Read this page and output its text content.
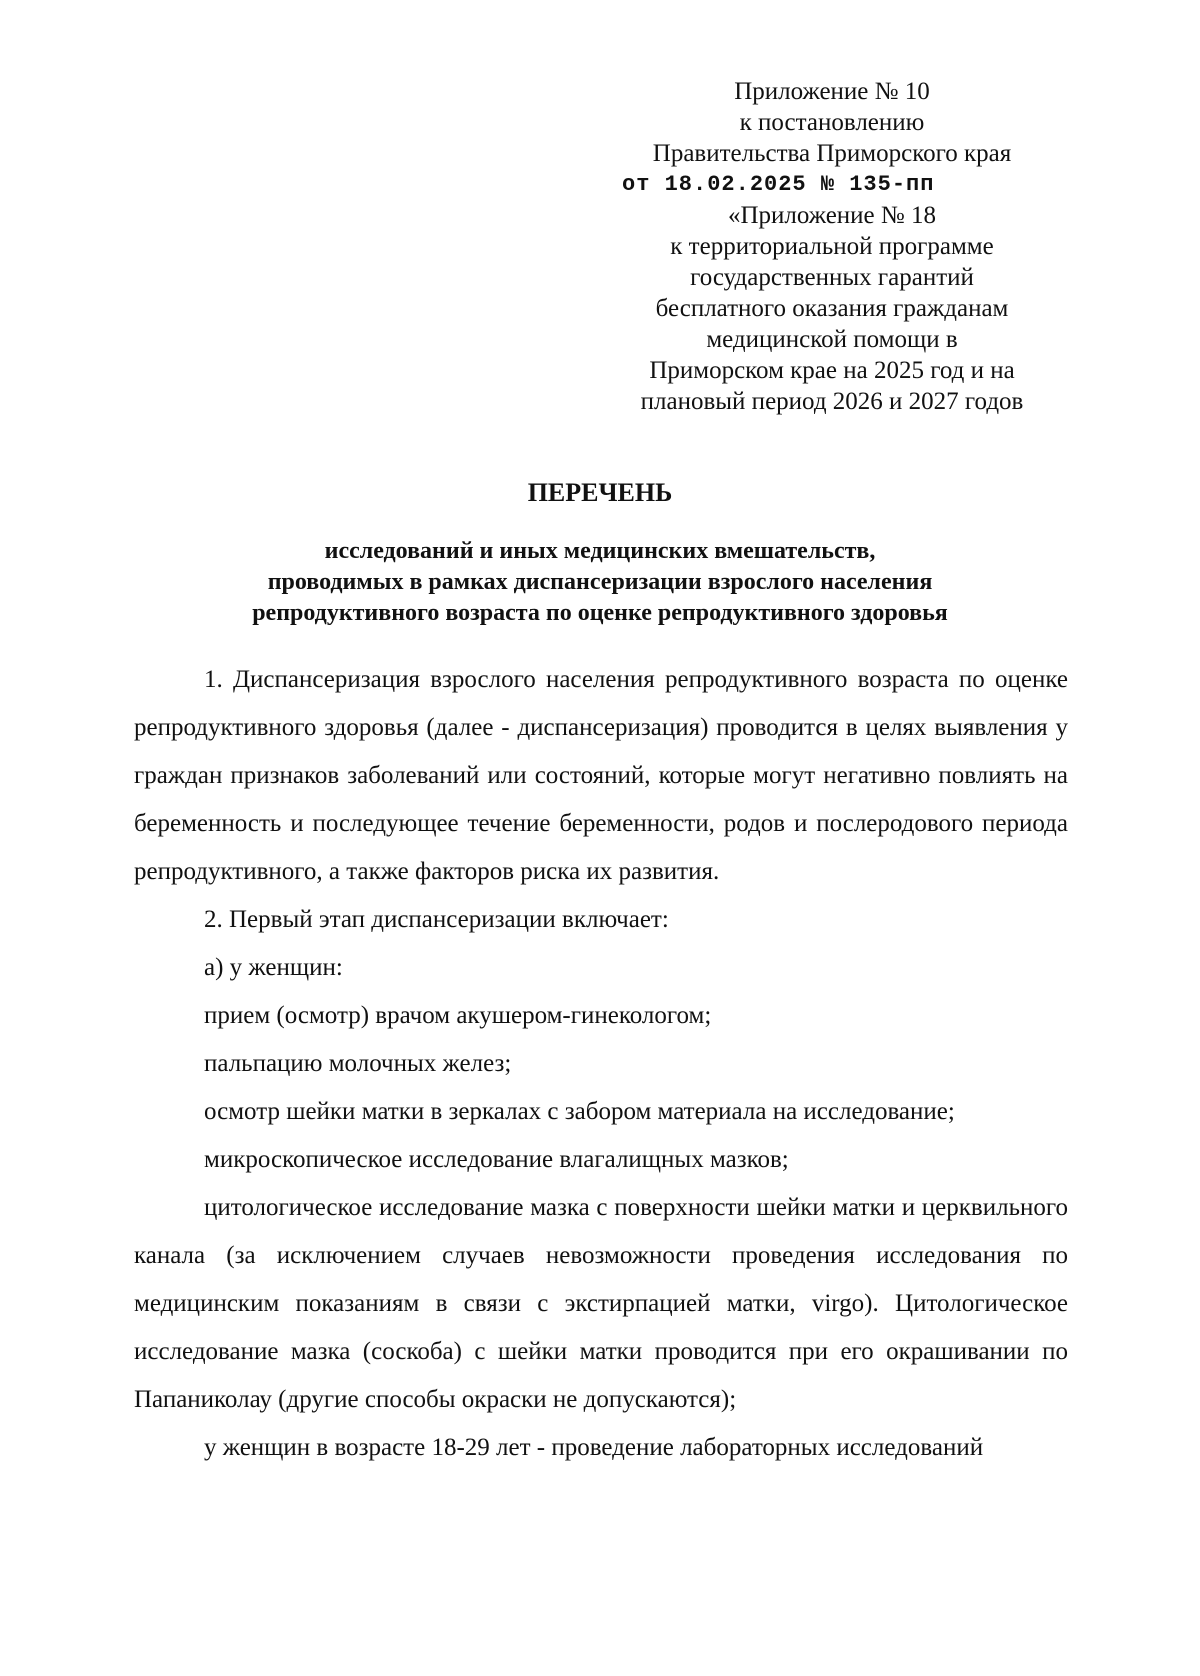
Приложение № 10
к постановлению
Правительства Приморского края
от 18.02.2025 № 135-пп
«Приложение № 18
к территориальной программе
государственных гарантий
бесплатного оказания гражданам
медицинской помощи в
Приморском крае на 2025 год и на
плановый период 2026 и 2027 годов
ПЕРЕЧЕНЬ
исследований и иных медицинских вмешательств,
проводимых в рамках диспансеризации взрослого населения
репродуктивного возраста по оценке репродуктивного здоровья

1. Диспансеризация взрослого населения репродуктивного возраста по оценке репродуктивного здоровья (далее - диспансеризация) проводится в целях выявления у граждан признаков заболеваний или состояний, которые могут негативно повлиять на беременность и последующее течение беременности, родов и послеродового периода репродуктивного, а также факторов риска их развития.

2. Первый этап диспансеризации включает:
а) у женщин:
прием (осмотр) врачом акушером-гинекологом;
пальпацию молочных желез;
осмотр шейки матки в зеркалах с забором материала на исследование;
микроскопическое исследование влагалищных мазков;

цитологическое исследование мазка с поверхности шейки матки и церквильного канала (за исключением случаев невозможности проведения исследования по медицинским показаниям в связи с экстирпацией матки, virgo). Цитологическое исследование мазка (соскоба) с шейки матки проводится при его окрашивании по Папаниколау (другие способы окраски не допускаются);

у женщин в возрасте 18-29 лет - проведение лабораторных исследований
